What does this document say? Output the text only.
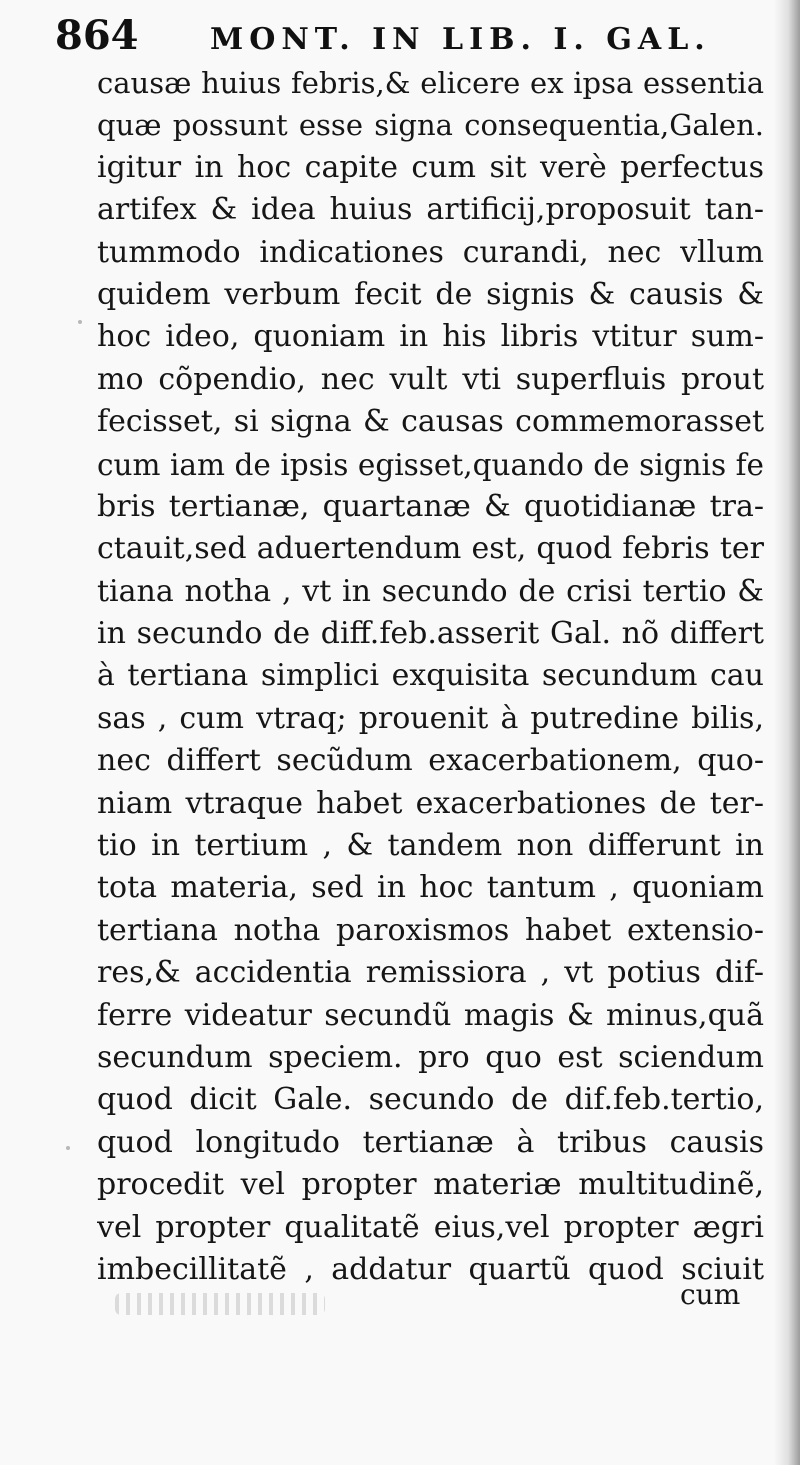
864 MONT. IN LIB. I. GAL.
causæ huius febris,& elicere ex ipsa essentia
quæ possunt esse signa consequentia,Galen.
igitur in hoc capite cum sit verè perfectus
artifex & idea huius artificij,proposuit tan-
tummodo indicationes curandi, nec vllum
quidem verbum fecit de signis & causis &
hoc ideo, quoniam in his libris vtitur sum-
mo cõpendio, nec vult vti superfluis prout
fecisset, si signa & causas commemorasset
cum iam de ipsis egisset,quando de signis fe
bris tertianæ, quartanæ & quotidianæ tra-
ctauit,sed aduertendum est, quod febris ter
tiana notha , vt in secundo de crisi tertio &
in secundo de diff.feb.asserit Gal. nõ differt
à tertiana simplici exquisita secundum cau
sas , cum vtraq; prouenit à putredine bilis,
nec differt secũdum exacerbationem, quo-
niam vtraque habet exacerbationes de ter-
tio in tertium , & tandem non differunt in
tota materia, sed in hoc tantum , quoniam
tertiana notha paroxismos habet extensio-
res,& accidentia remissiora , vt potius dif-
ferre videatur secundũ magis & minus,quã
secundum speciem. pro quo est sciendum
quod dicit Gale. secundo de dif.feb.tertio,
quod longitudo tertianæ à tribus causis
procedit vel propter materiæ multitudinẽ,
vel propter qualitatẽ eius,vel propter ægri
imbecillitatẽ , addatur quartũ quod sciuit
cum
